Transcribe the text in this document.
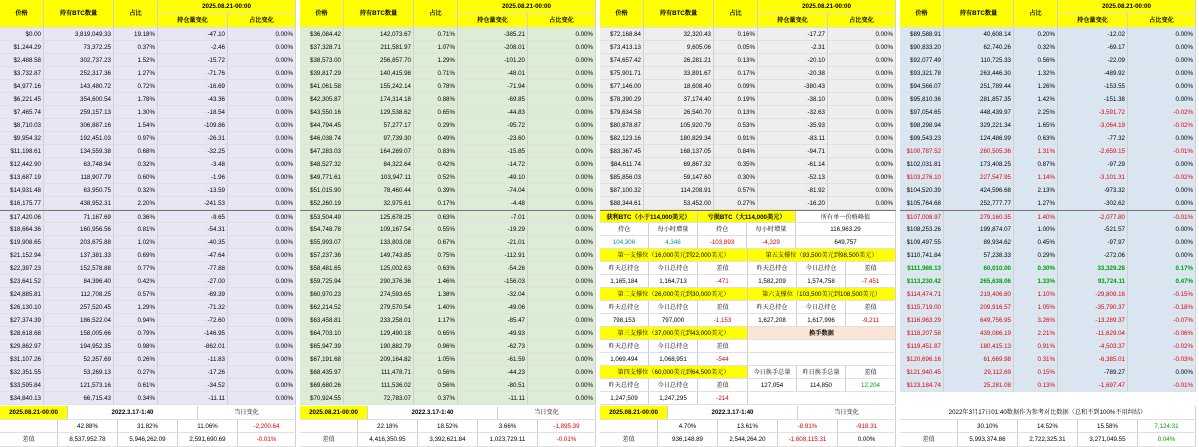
价格	持有BTC数量	占比
2025.08.21-00:00
持仓量变化	占比变化
$0.00	3,819,049.33	19.18%	-47.10	0.00%
$1,244.29	73,372.25	0.37%	-2.46	0.00%
$2,488.58	302,737.23	1.52%	-15.72	0.00%
$3,732.87	252,317.36	1.27%	-71.76	0.00%
$4,977.16	143,480.72	0.72%	-16.69	0.00%
$6,221.45	354,600.54	1.78%	-43.36	0.00%
$7,465.74	259,157.13	1.30%	-18.54	0.00%
$8,710.03	306,887.16	1.54%	-109.86	0.00%
$9,954.32	192,451.03	0.97%	-26.31	0.00%
$11,198.61	134,559.38	0.68%	-32.25	0.00%
$12,442.90	63,748.94	0.32%	-3.48	0.00%
$13,687.19	118,907.79	0.60%	-1.96	0.00%
$14,931.48	63,950.75	0.32%	-13.59	0.00%
$16,175.77	438,952.31	2.20%	-241.53	0.00%
$17,420.06	71,167.69	0.36%	-9.65	0.00%
$18,664.36	160,956.56	0.81%	-54.31	0.00%
$19,908.65	203,675.88	1.02%	-40.35	0.00%
$21,152.94	137,381.33	0.69%	-47.64	0.00%
$22,397.23	152,578.88	0.77%	-77.88	0.00%
$23,641.52	84,396.40	0.42%	-27.00	0.00%
$24,885.81	112,708.25	0.57%	-69.39	0.00%
$26,130.10	257,520.45	1.29%	-71.32	0.00%
$27,374.39	186,522.04	0.94%	-72.60	0.00%
$28,618.68	158,005.66	0.79%	-146.95	0.00%
$29,862.97	194,952.35	0.98%	-862.01	0.00%
$31,107.26	52,357.69	0.26%	-11.83	0.00%
$32,351.55	53,269.13	0.27%	-17.26	0.00%
$33,595.84	121,573.16	0.61%	-34.52	0.00%
$34,840.13	66,715.43	0.34%	-11.11	0.00%
2025.08.21-00:00	2022.3.17-1:40	当日变化
42.88%	31.82%	11.06%	-2,200.64
差值	8,537,952.78	5,946,262.09	2,591,690.69	-0.01%
价格	持有BTC数量	占比
2025.08.21-00:00
持仓量变化	占比变化
$36,084.42	142,073.67	0.71%	-385.21	0.00%
$37,328.71	211,581.97	1.07%	-208.01	0.00%
$38,573.00	256,857.70	1.29%	-101.20	0.00%
$39,817.29	140,415.98	0.71%	-48.01	0.00%
$41,061.58	155,242.14	0.78%	-71.94	0.00%
$42,305.87	174,314.18	0.88%	-69.85	0.00%
$43,550.16	129,538.62	0.65%	-44.83	0.00%
$44,794.45	57,277.17	0.29%	-95.72	0.00%
$46,038.74	97,739.30	0.49%	-23.60	0.00%
$47,283.03	164,269.07	0.83%	-15.85	0.00%
$48,527.32	84,322.64	0.42%	-14.72	0.00%
$49,771.61	103,947.11	0.52%	-49.10	0.00%
$51,015.90	78,460.44	0.39%	-74.04	0.00%
$52,260.19	32,975.61	0.17%	-4.48	0.00%
$53,504.49	125,678.25	0.63%	-7.01	0.00%
$54,748.78	109,167.54	0.55%	-19.29	0.00%
$55,993.07	133,803.08	0.67%	-21.01	0.00%
$57,237.36	149,743.85	0.75%	-112.91	0.00%
$58,481.65	125,002.63	0.63%	-54.26	0.00%
$59,725.94	290,376.36	1.46%	-156.03	0.00%
$60,970.23	274,593.65	1.38%	-32.04	0.00%
$62,214.52	279,570.54	1.40%	-49.06	0.00%
$63,458.81	233,258.01	1.17%	-85.47	0.00%
$64,703.10	129,490.18	0.65%	-49.93	0.00%
$65,947.39	190,882.79	0.96%	-62.73	0.00%
$67,191.68	209,164.82	1.05%	-61.59	0.00%
$68,435.97	111,478.71	0.56%	-44.23	0.00%
$69,680.26	111,536.02	0.56%	-80.51	0.00%
$70,924.55	72,783.07	0.37%	-11.11	0.00%
2025.08.21-00:00	2022.3.17-1:40	当日变化
22.18%	18.52%	3.66%	-1,895.39
差值	4,416,350.95	3,392,621.84	1,023,729.11	-0.01%
价格	持有BTC数量	占比
2025.08.21-00:00
持仓量变化	占比变化
$72,168.84	32,320.43	0.16%	-17.27	0.00%
$73,413.13	9,605.06	0.05%	-2.31	0.00%
$74,657.42	26,281.21	0.13%	-20.10	0.00%
$75,901.71	33,891.67	0.17%	-20.38	0.00%
$77,146.00	18,608.40	0.09%	-380.43	0.00%
$78,390.29	37,174.40	0.19%	-38.10	0.00%
$79,634.58	26,540.70	0.13%	-32.63	0.00%
$80,878.87	105,920.79	0.53%	-35.93	0.00%
$82,123.16	180,829.34	0.91%	-83.11	0.00%
$83,367.45	168,137.05	0.84%	-94.71	0.00%
$84,611.74	69,867.32	0.35%	-61.14	0.00%
$85,856.03	59,147.60	0.30%	-52.13	0.00%
$87,100.32	114,208.91	0.57%	-81.92	0.00%
$88,344.61	53,452.00	0.27%	-16.20	0.00%
获利BTC（小于114,000美元）	亏损BTC（大114,000美元）	所有单一价格峰值
持仓	每小时增量	持仓	每小时增量	116,963.29
104,306	4,346	-103,893	-4,329	649,757
第一支撑位（16,000美元到22,000美元）	第五支撑位（93,500美元到98,500美元）
昨天总持仓	今日总持仓	差值	昨天总持仓	今日总持仓	差值
1,165,184	1,164,713	-471	1,582,209	1,574,758	-7,451
第二支撑位（26,000美元到30,000美元）	第六支撑位（103,500美元到108,500美元）
昨天总持仓	今日总持仓	差值	昨天总持仓	今日总持仓	差值
798,153	797,000	-1,153	1,627,208	1,617,996	-9,211
第三支撑位（37,000美元到43,000美元）	换手数据
昨天总持仓	今日总持仓	差值
1,069,494	1,068,951	-544
第四支撑位（60,000美元到64,500美元）	今日换手总量	昨日换手总量	差值
昨天总持仓	今日总持仓	差值	127,054	114,850	12,204
1,247,509	1,247,295	-214
2025.08.21-00:00	2022.3.17-1:40	当日变化
4.70%	13.61%	-8.91%	-918.31
差值	936,148.89	2,544,264.20	-1,608,115.31	0.00%
价格	持有BTC数量	占比
2025.08.21-00:00
持仓量变化	占比变化
$89,588.91	40,608.14	0.20%	-12.02	0.00%
$90,833.20	62,740.26	0.32%	-69.17	0.00%
$92,077.49	110,725.33	0.56%	-22.09	0.00%
$93,321.78	263,446.30	1.32%	-489.92	0.00%
$94,566.07	251,789.44	1.26%	-153.55	0.00%
$95,810.36	281,857.35	1.42%	-151.38	0.00%
$97,054.65	448,439.97	2.25%	-3,591.72	-0.02%
$98,298.94	329,221.34	1.65%	-3,064.19	-0.02%
$99,543.23	124,486.99	0.63%	-77.32	0.00%
$100,787.52	260,505.36	1.31%	-2,659.15	-0.01%
$102,031.81	173,408.25	0.87%	-97.29	0.00%
$103,276.10	227,547.95	1.14%	-3,101.31	-0.02%
$104,520.39	424,596.68	2.13%	-973.32	0.00%
$105,764.68	252,777.77	1.27%	-302.62	0.00%
$107,008.97	279,160.35	1.40%	-2,077.80	-0.01%
$108,253.26	199,874.07	1.00%	-521.57	0.00%
$109,497.55	89,934.62	0.45%	-97.97	0.00%
$110,741.84	57,238.33	0.29%	-272.06	0.00%
$111,986.13	60,010.00	0.30%	33,329.28	0.17%
$113,230.42	265,638.06	1.33%	93,724.11	0.47%
$114,474.71	219,406.80	1.10%	-29,809.16	-0.15%
$115,719.00	209,916.57	1.05%	-35,790.37	-0.18%
$116,963.29	649,756.95	3.26%	-13,289.37	-0.07%
$118,207.58	439,086.19	2.21%	-11,629.04	-0.06%
$119,451.87	180,415.13	0.91%	-4,503.37	-0.02%
$120,696.16	61,669.98	0.31%	-6,385.01	-0.03%
$121,940.45	29,112.69	0.15%	-789.27	0.00%
$123,184.74	25,281.08	0.13%	-1,697.47	-0.01%
2022年3月17日01:40数据作为参考对比数据（总和不到100%不用纠结）
30.10%	14.52%	15.58%	7,124.31
差值	5,993,374.86	2,722,325.31	3,271,049.55	0.04%
